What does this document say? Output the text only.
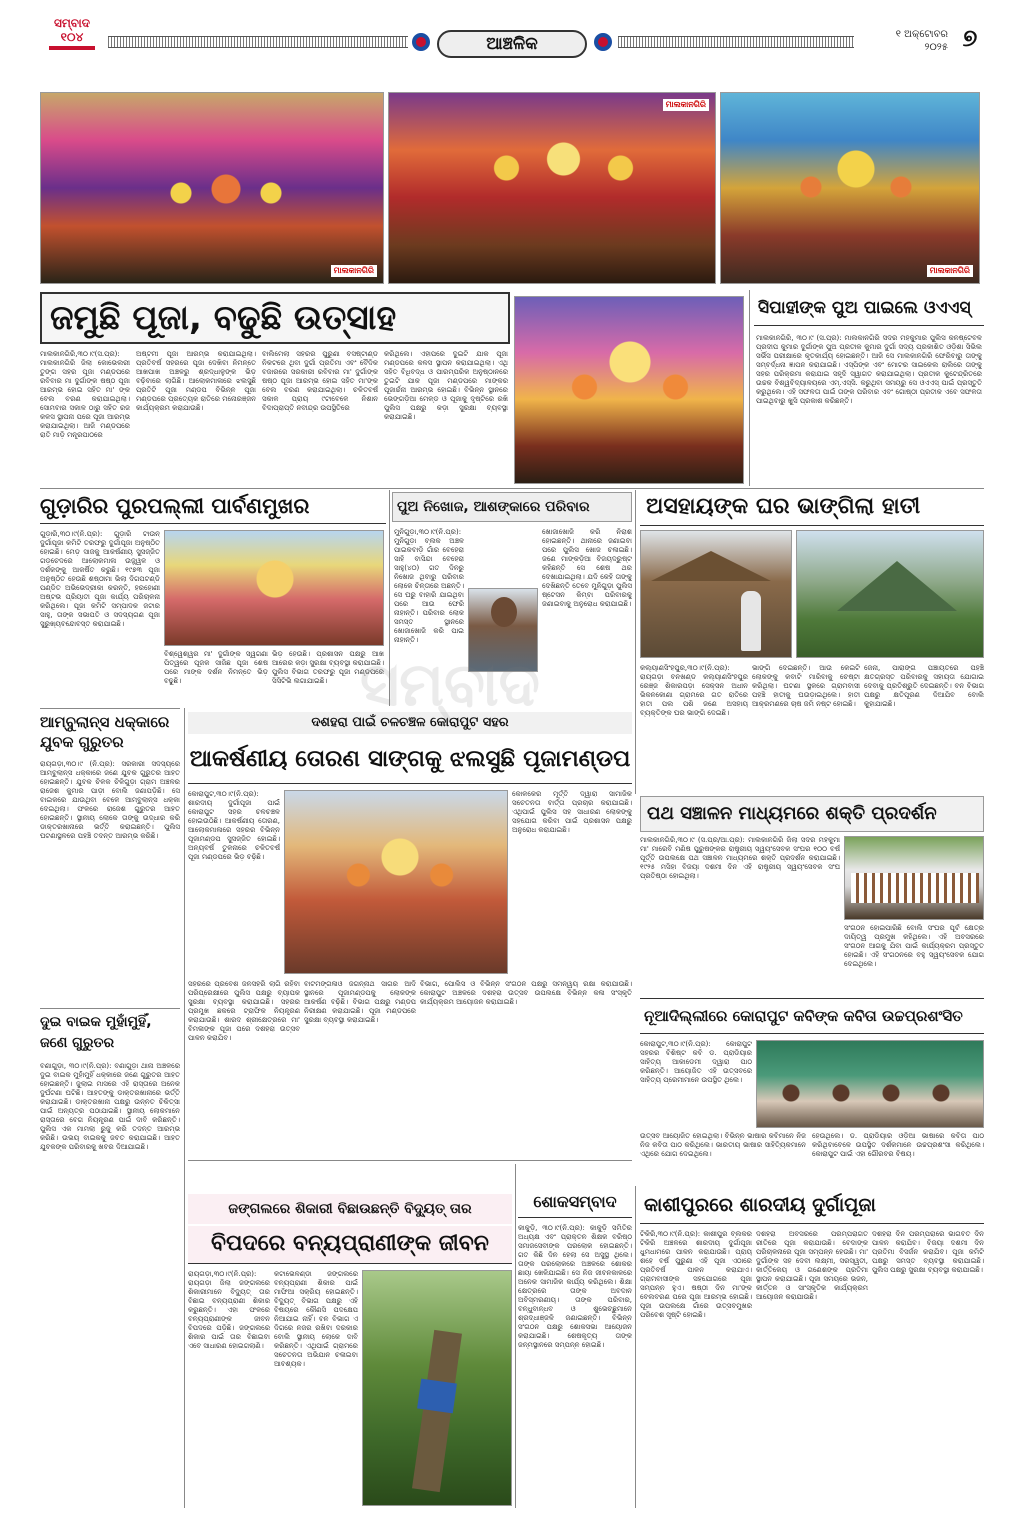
ସମ୍ବାଦ ୧୦୪	ଆଞ୍ଚଳିକ	୧ ଅକ୍ଟୋବର
୨୦୨୫ ୭
ମାଲକାନଗିରି
ମାଲକାନଗିରି
ମାଲକାନଗିରି
ଜମୁଛି ପୂଜା, ବଢୁଛି ଉତ୍ସାହ
ମାଲକାନଗିରି,୩୦।୯(ସ.ପ୍ର): ମାଲକାନଗିରି ଜିଲା କୋଭେଲରୀ ତୁଙ୍ଗ ସହର ପୂଜା ମଣ୍ଡପରେ ରବିବାର ମା ଦୁର୍ଗାଙ୍କ ଷଷ୍ଠ ପୂଜା ଆରମ୍ଭ ହୋଇ ସହିତ ମା' ଙ୍କ ବେଲ ବରଣ କରାଯାଇଥିଲା। ସୋମବାର ସକାଳ ଠାରୁ ସହିତ ରଜ କଳସ ସ୍ଥାପନା ପରେ ପୂଜା ଆରମ୍ଭ କରାଯାଇଥିଲା। ଆଜି ମଣ୍ଡପରେ ରାତି ମାଡ଼ି ମନ୍ତ୍ରପାଠରେ
ଅଷ୍ଟମୀ ପୂଜା ଆରମ୍ଭ କରାଯାଇଥିଲା। ପ୍ରତିବର୍ଷ ସହରରେ ପୂଜା ଦେଖିବା ନିମନ୍ତେ ଆଖପାଖ ଅଞ୍ଚଳରୁ ଶ୍ରଦ୍ଧାଳୁଙ୍କ ଭିଡ଼ ବଢ଼ିବାରେ ଲାଗିଛି। ଆଲୋକମାଳାରେ ଝଲସୁଛି ପ୍ରତିଟି ପୂଜା ମଣ୍ଡପ ବିଭିନ୍ନ ପୂଜା ମଣ୍ଡପରେ ପ୍ରତେ୍ୟକ ରାତିରେ ମନୋରଞ୍ଜନ କାର୍ଯ୍ୟକ୍ରମ କରାଯାଉଛି।
ବାଲିମେଲା ସହରର ପୁରୁଣା ବସଷ୍ଟାଣ୍ଡ ନିକଟରେ ଥିବା ଦୁର୍ଗା ପ୍ରତିମା ଏବଂ ବୈଦିକ ବଜାରରେ ସରକାରୀ ରବିବାର ମା' ଦୁର୍ଗାଙ୍କ ଷଷ୍ଠ ପୂଜା ଆରମ୍ଭ ହୋଇ ସହିତ ମା'ଙ୍କ ବେଲ ବରଣ କରାଯାଇଥିଲା। ଚଳିତବର୍ଷ ସକାଳ ପ୍ରାୟ ୯ଟାବେଳେ ନିଶାନ ବିଦାପ୍ରାପ୍ତି ନବୀନ୍ଦ୍ର ଉପସ୍ଥିତିରେ
କରିଥିଲେ। ଏହାପରେ ଦୁଇଟି ଯାକ ପୂଜା ମଣ୍ଡପରେ କଳସ ସ୍ଥାପନ କରାଯାଇଥିଲା। ଏଥି ସହିତ ବିଧିବଦ୍ଧ ଓ ପାରମ୍ପରିକ ଅନୁଷ୍ଠାନରେ ତୁଇଟି ଯାକ ପୂଜା ମଣ୍ଡପରେ ମାଙ୍କର ପୂଜାର୍ଚ୍ଚନା ଆରମ୍ଭ ହୋଇଛି। ବିଭିନ୍ନ ସ୍ଥାନରେ ଭେଙ୍ଗଡ଼ିଆ ମେଳ୍ଡ ଓ ପୂଜାକୁ ଦୃଷ୍ଟିରେ ରଖି ପୁଲିସ ପକ୍ଷରୁ କଡ଼ା ସୁରକ୍ଷା ବ୍ୟବସ୍ଥା କରାଯାଇଛି।
ସିପାହୀଙ୍କ ପୁଅ ପାଇଲେ ଓଏଏସ୍
ମାଲକାନଗିରି, ୩୦।୯ (ସ.ପ୍ର): ମାଲକାନଗିରି ସଦର ମହକୁମାର ପୁଲିସ କନଷ୍ଟେବଳ ପ୍ରଦୀପ କୁମାର ଦୁର୍ଗାଙ୍କ ପୁଅ ପ୍ରତୀକ କୁମାର ଦୁର୍ଗା ସଦ୍ୟ ପ୍ରକାଶିତ ଓଡ଼ିଶା ସିଭିଲ ସର୍ଭିସ ପରୀକ୍ଷାରେ କୃତକାର୍ଯ୍ୟ ହୋଇଛନ୍ତି। ଆଜି ସେ ମାଲକାନଗିରି ଫେରିବାରୁ ତାଙ୍କୁ ସମ୍ବର୍ଦ୍ଧନା ଜ୍ଞାପନ କରାଯାଇଛି। ଏସ୍ପିଙ୍କ ଏବଂ ମୋଟର ସାଇକେଲ ରାଲିରେ ତାଙ୍କୁ ସହର ପରିକ୍ରମା କରାଯାଇ ସହୃଦି ସ୍ୱାଗତ କରାଯାଇଥିଲା। ପ୍ରତୀକ କୁଟେନ୍ଦ୍ରିତରେ ଉଚ୍ଚକ ବିଶ୍ୱବିଦ୍ୟାଳୟରେ ଏମ୍.ଏସ୍‌ସି. କରୁଥିବା ସମୟରୁ ସେ ଓଏଏସ୍ ପାଇଁ ପ୍ରସ୍ତୁତି କରୁଥିଲେ। ଏହି ସଫଳତା ପାଇଁ ତାଙ୍କ ପରିବାର ଏବଂ ଗୋଷ୍ଠୀ ପ୍ରତୀକ ଏବେ ସଫଳତା ପାଇଥିବାରୁ ଖୁସି ପ୍ରକାଶ କରିଛନ୍ତି।
ଗୁଡ଼ାରିର ପୁରପଲ୍ଲୀ ପାର୍ବଣମୁଖର
ଗୁଡ଼ାରି,୩୦।୯(ନି.ପ୍ର): ଗୁଡ଼ାରି ଟାଉନ୍ ଦୁର୍ଗାପୂଜା କମିଟି ତରଫରୁ ଦୁର୍ଗାପୂଜା ଅନୁଷ୍ଠିତ ହୋଇଛି। ମେଡ଼ ସାଜକୁ ଆକର୍ଷଣୀୟ ସୁସଜ୍ଜିତ ଗଡ଼ଚେଦରେ ଆଲୋକମାଳା ଉଜ୍ଜ୍ୱଳ ଓ ଦର୍ଶକଙ୍କୁ ଆକର୍ଷିତ କରୁଛି। ୧୯୭୩ ପୂଜା ଅନୁଷ୍ଠିତ ହେଉଛି ଶଷ୍ଠୀମା ଭିଲା ଦିଗପଟଣ୍ଡି ପଣ୍ଡିତ ଅଭିଭେଦ୍ରୀକା କରନ୍ତି, ହରହୋଣୀ ଅଷ୍ଟଭ ପ୍ରିୟାତୀ ପୂଜା କାର୍ଯ୍ୟ ପରିଚାଳନା କରିଥିଲେ। ପୂଜା କମିଟି ସମ୍ପାଦକ ଜଟାର ସାହୁ, ତାଙ୍କ ସଭାପତି ଓ ସଦସ୍ୟଗଣ ପୂଜା ସୁରୁଖ୍ୟବନ୍ଦୋବସ୍ତ କରାଯାଇଛି।
ବିଶ୍ୱେଶ୍ୱର ମା' ଦୁର୍ଗାଙ୍କ ସ୍ୱଗଣା ପିତ୍ୱରେ ପୂଜକ ସାଜିଛ ପୂଜା ଶେଷ ପରେ ମାଙ୍କ ଦର୍ଶନ ନିମନ୍ତେ ଭିଡ଼ ବଢୁଛି।
ଭିଡ଼ ହେଉଛି। ପ୍ରଶାସନ ପକ୍ଷରୁ ଆଖ ଆରେର କଡ଼ା ସୁରକ୍ଷା ବ୍ୟବସ୍ଥା କରାଯାଇଛି। ପୁଲିସ ବିଭାଗ ତରଫରୁ ପୂଜା ମଣ୍ଡପରେ ସିସିଟିଭି ଲଗାଯାଇଛି।
ପୁଅ ନିଖୋଜ, ଆଶଙ୍କାରେ ପରିବାର
ମୁନିଗୁଡ଼ା,୩୦।୯(ନି.ପ୍ର): ମୁନିଗୁଡ଼ା ବ୍ଲକ ଅଞ୍ଚଳ ପାଇକବାଡ଼ି ଗାଁର ବେହେରା ସାହି ବାସିନ୍ଦା ବେହେରା ସାହୁ(୪୦) ଗତ ଦିନରୁ ନିଖୋଜ ଥିବାରୁ ପରିବାର ଲୋକେ ଚିନ୍ତାରେ ଅଛନ୍ତି। ସେ ଘରୁ ବାହାରି ଯାଇଥିବା ପରେ ଆଉ ଫେରି ନାହାନ୍ତି। ପରିବାର ଲୋକ ସମସ୍ତ ସ୍ଥାନରେ ଖୋଜାଖୋଜି କରି ପାଇ ନାହାନ୍ତି।
ଖୋଜାଖୋଜି କରି ନିରାଶ ହୋଇଛନ୍ତି। ଥାନାରେ ଜଣାଇବା ପରେ ପୁଲିସ ଖୋଜ ଚଳାଇଛି। ଜଣେ ମାଙ୍କଡ଼ିଆ ବିଜୟଦ୍ରୁଷ୍ଟ କହିଛନ୍ତି ସେ ଶେଷ ଥର ଦେଖାଯାଇଥିଲା। ଯଦି କେହି ତାଙ୍କୁ ଦେଖିଛନ୍ତି ତେବେ ମୁନିଗୁଡ଼ା ପୁଲିସ ଷ୍ଟେସନ କିମ୍ବା ପରିବାରକୁ ଜଣାଇବାକୁ ଅନୁରୋଧ କରାଯାଇଛି।
ଅସହାୟଙ୍କ ଘର ଭାଙ୍ଗିଲା ହାତୀ
କଲ୍ୟାଣସିଂହପୁର,୩୦।୯(ନି.ପ୍ର): ରାୟଗଡ଼ା ବନଖଣ୍ଡ କଲ୍ୟାଣସିଂହପୁର ରେଞ୍ଜ ଶିକାରପଡ଼ା ସେକ୍ସନ ଅଧୀନ ଭିକନକୋଣା ଗ୍ରାମରେ ଗତ ରାତିରେ ହାତୀ ପଲ ପଶି ଜଣେ ଅସହାୟ ବ୍ୟକ୍ତିଙ୍କ ଘର ଭାଙ୍ଗି ଦେଇଛି।
ଭାଙ୍ଗି ଦେଇଛନ୍ତି। ଆଉ କେଇଟି ଲୋକଙ୍କୁ କବାଟି ମାରିବାକୁ ଚେଷ୍ଟା କରିଥିଲା। ଘଟଣା ସ୍ଥଳରେ ଗ୍ରାମବାସୀ ପହଞ୍ଚି ହାତୀକୁ ଘଉଡ଼ାଇଥିଲେ। ହାତୀ ଆକ୍ରମଣରେ ଚାଷ ଜମି ନଷ୍ଟ ହୋଇଛି।
ଜେନା, ପାରାଙ୍ଗ ପଞ୍ଚାୟତରେ ପହଞ୍ଚି କ୍ଷତଗ୍ରସ୍ତ ପରିବାରକୁ ସହାୟତା ଯୋଗାଇ ଦେବାକୁ ପ୍ରତିଶ୍ରୁତି ଦେଇଛନ୍ତି। ବନ ବିଭାଗ ପକ୍ଷରୁ କ୍ଷତିପୂରଣ ଦିଆଯିବ ବୋଲି କୁହାଯାଇଛି।
ଆମ୍ବୁଲାନ୍ସ ଧକ୍କାରେ ଯୁବକ ଗୁରୁତର
ରାୟଗଡ଼ା,୩୦।୯ (ନି.ପ୍ର): ସରକାରୀ ସଦସ୍ୟରେ ଆମ୍ବୁଲାନ୍ସ ଧକ୍କାରେ ଜଣେ ଯୁବକ ଗୁରୁତର ଆହତ ହୋଇଛନ୍ତି। ଯୁବକ ଚିଳକ ଚିଳିଗୁଡ଼ା ଗ୍ରାମ ଅଞ୍ଚଳର ରାଜେଶ କୁମାର ପାଡ଼ୀ ବୋଲି ଜଣାପଡ଼ିଛି। ସେ ବାଇକରେ ଯାଉଥିବା ବେଳେ ଆମ୍ବୁଲାନ୍ସ ଧକ୍କା ଦେଇଥିଲା। ଫଳରେ ରାଜେଶ ଗୁରୁତର ଆହତ ହୋଇଛନ୍ତି। ସ୍ଥାନୀୟ ଲୋକେ ତାଙ୍କୁ ଉଦ୍ଧାର କରି ଡାକ୍ତରଖାନାରେ ଭର୍ତ୍ତି କରାଇଛନ୍ତି। ପୁଲିସ ଘଟଣାସ୍ଥଳରେ ପହଞ୍ଚି ତଦନ୍ତ ଆରମ୍ଭ କରିଛି।
ଦଶହରା ପାଇଁ ଚଳଚଞ୍ଚଳ କୋରାପୁଟ ସହର
ଆକର୍ଷଣୀୟ ତୋରଣ ସାଙ୍ଗକୁ ଝଲସୁଛି ପୂଜାମଣ୍ଡପ
କୋରାପୁଟ,୩୦।୯(ନି.ପ୍ର): ଶାରଦୀୟ ଦୁର୍ଗାପୂଜା ପାଇଁ କୋରାପୁଟ ସହର ଚଳଚଞ୍ଚଳ ହୋଇଉଠିଛି। ଆକର୍ଷଣୀୟ ତୋରଣ, ଆଲୋକମାଳାରେ ସହରର ବିଭିନ୍ନ ପୂଜାମଣ୍ଡପ ସୁସଜ୍ଜିତ ହୋଇଛି। ଅନ୍ୟବର୍ଷ ତୁଳନାରେ ଚଳିତବର୍ଷ ପୂଜା ମଣ୍ଡପରେ ଭିଡ଼ ବଢ଼ିଛି।
କୋଳକେର ମୂର୍ତ୍ତି ଦ୍ୱାରା ସାମାଜିକ ସଚେତନତା ବାର୍ତ୍ତା ପ୍ରଚାର କରାଯାଇଛି। ଏଥିପାଇଁ ପୁଲିସ ସହ ସାଧାରଣ ଲୋକଙ୍କୁ ସହଯୋଗ କରିବା ପାଇଁ ପ୍ରଶାସନ ପକ୍ଷରୁ ଅନୁରୋଧ କରାଯାଇଛି।
ସହରରେ ପ୍ରବେଶ ଜନସହରି ଲାଗି ରହିବା ପରିପ୍ରେକ୍ଷୀରେ ପୁଲିସ ପକ୍ଷରୁ ବ୍ୟାପକ ସୁରକ୍ଷା ବ୍ୟବସ୍ଥା କରାଯାଇଛି। ସହରର ପ୍ରମୁଖ ଛକରେ ଟ୍ରାଫିକ ନିୟନ୍ତ୍ରଣ କରାଯାଉଛି। ଶାରଦ ଶ୍ରୀକ୍ଷେତ୍ରରେ ମା' ବିମଳାଙ୍କ ପୂଜା ପରେ ଦଶହରା ଉତ୍ସବ ପାଳନ କରାଯିବ।
ବାଟମଙ୍ଗଳାଓ ଜଗନ୍ନାଥ ସାଗର ଆଦି ସ୍ଥାନରେ ପୂଜାମଣ୍ଡପକୁ ଲୋକଙ୍କ ଆକର୍ଷଣ ବଢ଼ିଛି। ବିଭାଗ ପକ୍ଷରୁ ମଣ୍ଡପ ନିରୀକ୍ଷଣ କରାଯାଇଛି। ପୂଜା ମଣ୍ଡପରେ ସୁରକ୍ଷା ବ୍ୟବସ୍ଥା କରାଯାଇଛି।
ବିଭାଗ, ପୋଲିସ ଓ ବିଭିନ୍ନ ସଂଗଠନ ପକ୍ଷରୁ ସମନ୍ୱୟ ରକ୍ଷା କରାଯାଉଛି। କୋରାପୁଟ ଅଞ୍ଚଳରେ ଦଶହରା ଉତ୍ସବ ଉପଲକ୍ଷେ ବିଭିନ୍ନ କଳା ସଂସ୍କୃତି କାର୍ଯ୍ୟକ୍ରମ ଆୟୋଜନ କରାଯାଇଛି।
ପଥ ସଞ୍ଚାଳନ ମାଧ୍ୟମରେ ଶକ୍ତି ପ୍ରଦର୍ଶନ
ମାଲକାନଗିରି,୩୦।୯ (ସ.ପ୍ର/ଆ.ପ୍ର): ମାଲକାନଗିରି ଜିଲା ସଦର ମହକୁମା ମା' ମାରେବି ମଣିଷ ପୁରୁଷଙ୍କର ରାଷ୍ଟ୍ରୀୟ ସ୍ୱୟଂସେବକ ସଂଘର ୧୦୦ ବର୍ଷ ପୂର୍ତ୍ତି ଉପଲକ୍ଷେ ପଥ ସଞ୍ଚାଳନ ମାଧ୍ୟମରେ ଶକ୍ତି ପ୍ରଦର୍ଶନ କରାଯାଇଛି। ୧୯୨୫ ମସିହା ବିଜୟା ଦଶମୀ ଦିନ ଏହି ରାଷ୍ଟ୍ରୀୟ ସ୍ୱୟଂସେବକ ସଂଘ ପ୍ରତିଷ୍ଠା ହୋଇଥିଲା।
ସଂଗଠନ ହୋଇପାରିଛି ବୋଲି ସଂଘର ପୂର୍ବ କ୍ଷେତ୍ର ଦାୟିତ୍ୱ ପ୍ରମୁଖ କହିଥିଲେ। ଏହି ଅବସରରେ ସଂଗଠନ ଆଗକୁ ଯିବା ପାଇଁ କାର୍ଯ୍ୟକ୍ରମ ପ୍ରସ୍ତୁତ ହୋଇଛି। ଏହି ସଂଗଠନରେ ବହୁ ସ୍ୱୟଂସେବକ ଯୋଗ ଦେଇଥିଲେ।
ନୂଆଦିଲ୍ଲୀରେ କୋରାପୁଟ କବିଙ୍କ କବିତା ଉଚ୍ଚପ୍ରଶଂସିତ
କୋରାପୁଟ,୩୦।୯(ନି.ପ୍ର): କୋରାପୁଟ ସହରର ବିଶିଷ୍ଟ କବି ଡ. ପ୍ରାଡିୟାର ସାହିତ୍ୟ ଆକାଡେମୀ ଦ୍ୱାରା ପାଠ କରିଛନ୍ତି। ଆୟୋଜିତ ଏହି ଉତ୍ସବରେ ସାହିତ୍ୟ ପ୍ରେମୀମାନେ ଉପସ୍ଥିତ ଥିଲେ।
ଉତ୍ସବ ଆୟୋଜିତ ହୋଇଥିଲା। ବିଭିନ୍ନ ଭାଷାର କବିମାନେ ନିଜ ନିଜ କବିତା ପାଠ କରିଥିଲେ। ଭାରତୀୟ ଭାଷାର ସାହିତ୍ୟିକମାନେ ଏଥିରେ ଯୋଗ ଦେଇଥିଲେ।
ହେଉଥିଲେ। ଡ. ପ୍ରାଡିୟାର ଓଡ଼ିଆ ଭାଷାରେ କବିତା ପାଠ କରିଥିବାବେଳେ ଉପସ୍ଥିତ ଦର୍ଶକମାନେ ଉଚ୍ଚପ୍ରଶଂସା କରିଥିଲେ। କୋରାପୁଟ ପାଇଁ ଏହା ଗୌରବର ବିଷୟ।
ଦୁଇ ବାଇକ ମୁହାଁମୁହିଁ, ଜଣେ ଗୁରୁତର
ବଣାଗୁଡ଼ା, ୩୦।୯(ନି.ପ୍ର): ବଣାଗୁଡ଼ା ଥାନା ଅଞ୍ଚଳରେ ଦୁଇ ବାଇକ ମୁହାଁମୁହିଁ ଧକ୍କାରେ ଜଣେ ଗୁରୁତର ଆହତ ହୋଇଛନ୍ତି। ଜୁଲାଇ ମାସରେ ଏହି ରାସ୍ତାରେ ଅନେକ ଦୁର୍ଘଟଣା ଘଟିଛି। ଆହତଙ୍କୁ ଡାକ୍ତରଖାନାରେ ଭର୍ତ୍ତି କରାଯାଇଛି। ଡାକ୍ତରଖାନା ପକ୍ଷରୁ ଉନ୍ନତ ଚିକିତ୍ସା ପାଇଁ ଅନ୍ୟତ୍ର ପଠାଯାଇଛି। ସ୍ଥାନୀୟ ଲୋକମାନେ ରାସ୍ତାରେ ବେଗ ନିୟନ୍ତ୍ରଣ ପାଇଁ ଦାବି କରିଛନ୍ତି। ପୁଲିସ ଏକ ମାମଲା ରୁଜୁ କରି ତଦନ୍ତ ଆରମ୍ଭ କରିଛି। ଉଭୟ ବାଇକକୁ ଜବତ କରାଯାଇଛି। ଆହତ ଯୁବକଙ୍କ ପରିବାରକୁ ଖବର ଦିଆଯାଇଛି।
ଜଙ୍ଗଲରେ ଶିକାରୀ ବିଛାଉଛନ୍ତି ବିଦ୍ୟୁତ୍ ତାର
ବିପଦରେ ବନ୍ୟପ୍ରାଣୀଙ୍କ ଜୀବନ
ରାୟଗଡ଼ା,୩୦।୯(ନି.ପ୍ର): ରାୟଗଡ଼ା ଜିଲା ଜଙ୍ଗଲରେ ଶିକାରୀମାନେ ବିଦ୍ୟୁତ୍ ତାର ବିଛାଇ ବନ୍ୟପ୍ରାଣୀ ଶିକାର କରୁଛନ୍ତି। ଏହା ଫଳରେ ବନ୍ୟପ୍ରାଣୀଙ୍କ ଜୀବନ ବିପଦରେ ପଡ଼ିଛି। ଜଙ୍ଗଲରେ ଶିକାର ପାଇଁ ତାର ବିଛାଇବା ଏବେ ସାଧାରଣ ହୋଇଗଲାଣି।
କଟାଭେଳଣ୍ଡା ଜଙ୍ଗଲରେ ବନ୍ୟପ୍ରାଣୀ ଶିକାର ପାଇଁ ମାଫିଆ ସକ୍ରିୟ ହୋଇଛନ୍ତି। ବିଦ୍ୟୁତ୍ ବିଭାଗ ପକ୍ଷରୁ ଏହି ବିଷୟରେ କୌଣସି ପଦକ୍ଷେପ ନିଆଯାଇ ନାହିଁ। ବନ ବିଭାଗ ଏ ଦିଗରେ ନଜର ରଖିବା ଦରକାର ବୋଲି ସ୍ଥାନୀୟ ଲୋକେ ଦାବି କରିଛନ୍ତି। ଏଥିପାଇଁ ଗ୍ରାମରେ ସଚେତନତା ଅଭିଯାନ ଚଳାଇବା ଆବଶ୍ୟକ।
ଶୋକସମ୍ବାଦ
କାକୁଡ଼ି, ୩୦।୯(ନି.ପ୍ର): କାକୁଡ଼ି ସମିତିର ଅଧ୍ୟକ୍ଷ ଏବଂ ପ୍ରାକ୍ତନ ଶିକ୍ଷକ ବରିଷ୍ଠ ସମାଜସେବୀଙ୍କ ପରଲୋକ ହୋଇଛନ୍ତି। ଗତ କିଛି ଦିନ ହେଲା ସେ ଅସୁସ୍ଥ ଥିଲେ। ତାଙ୍କ ପରଲୋକରେ ଅଞ୍ଚଳରେ ଶୋକର ଛାୟା ଖେଳିଯାଇଛି। ସେ ନିଜ ଜୀବନକାଳରେ ଅନେକ ସାମାଜିକ କାର୍ଯ୍ୟ କରିଥିଲେ। ଶିକ୍ଷା କ୍ଷେତ୍ରରେ ତାଙ୍କ ଅବଦାନ ଅବିସ୍ମରଣୀୟ। ତାଙ୍କ ପରିବାର, ବନ୍ଧୁବାନ୍ଧବ ଓ ଶୁଭେଚ୍ଛୁମାନେ ଶ୍ରଦ୍ଧାଞ୍ଜଳି ଜଣାଇଛନ୍ତି। ବିଭିନ୍ନ ସଂଗଠନ ପକ୍ଷରୁ ଶୋକସଭା ଆୟୋଜନ କରାଯାଇଛି। ଶେଷକୃତ୍ୟ ତାଙ୍କ ଜନ୍ମସ୍ଥାନରେ ସମ୍ପନ୍ନ ହୋଇଛି।
କାଶୀପୁରରେ ଶାରଦୀୟ ଦୁର୍ଗାପୂଜା
ଟିକିରି,୩୦।୯(ନି.ପ୍ର): କାଶୀପୁର ବ୍ଲକର ଟିକିରି ଅଞ୍ଚଳରେ ଶାରଦୀୟ ଦୁର୍ଗାପୂଜା ଧୁମଧାମରେ ପାଳନ କରାଯାଉଛି। ପ୍ରାୟ ଶହେ ବର୍ଷ ପୁରୁଣା ଏହି ପୂଜା ଏଠାରେ ପ୍ରତିବର୍ଷ ପାଳନ କରାଯାଏ। ଗ୍ରାମବାସୀଙ୍କ ସହଯୋଗରେ ପୂଜା ସମ୍ପନ୍ନ ହୁଏ। ଷଷ୍ଠୀ ଦିନ ମା'ଙ୍କ ବେଲବରଣ ପରେ ପୂଜା ଆରମ୍ଭ ହୋଇଛି। ପୂଜା ଉପଲକ୍ଷେ ଗାଁରେ ଉତ୍ସବମୁଖର ପରିବେଶ ସୃଷ୍ଟି ହୋଇଛି।
ଦଶହରା ଅବସରରେ ପରମ୍ପରାଗତ ରୀତିରେ ପୂଜା କରାଯାଉଛି। ବେଦାଙ୍କ ପରିଚାଳନାରେ ପୂଜା ସମ୍ପନ୍ନ ହେଉଛି। ମା' ଦୁର୍ଗାଙ୍କ ସହ ଦେବୀ ଲକ୍ଷ୍ମୀ, ସରସ୍ୱତୀ, କାର୍ତ୍ତିକେୟ ଓ ଗଣେଶଙ୍କ ପ୍ରତିମା ସ୍ଥାପନ କରାଯାଇଛି। ପୂଜା ସମୟରେ ଭଜନ, କୀର୍ତ୍ତନ ଓ ସାଂସ୍କୃତିକ କାର୍ଯ୍ୟକ୍ରମ ଆୟୋଜନ କରାଯାଉଛି।
ଦଶହରା ଦିନ ପରମ୍ପରାରେ ଭାଗବତ ଦିନ ପାଳନ କରାଯିବ। ବିଜୟା ଦଶମୀ ଦିନ ପ୍ରତିମା ବିସର୍ଜନ କରାଯିବ। ପୂଜା କମିଟି ପକ୍ଷରୁ ସମସ୍ତ ବ୍ୟବସ୍ଥା କରାଯାଇଛି। ପୁଲିସ ପକ୍ଷରୁ ସୁରକ୍ଷା ବ୍ୟବସ୍ଥା କରାଯାଇଛି।
ସମ୍ବାଦ
